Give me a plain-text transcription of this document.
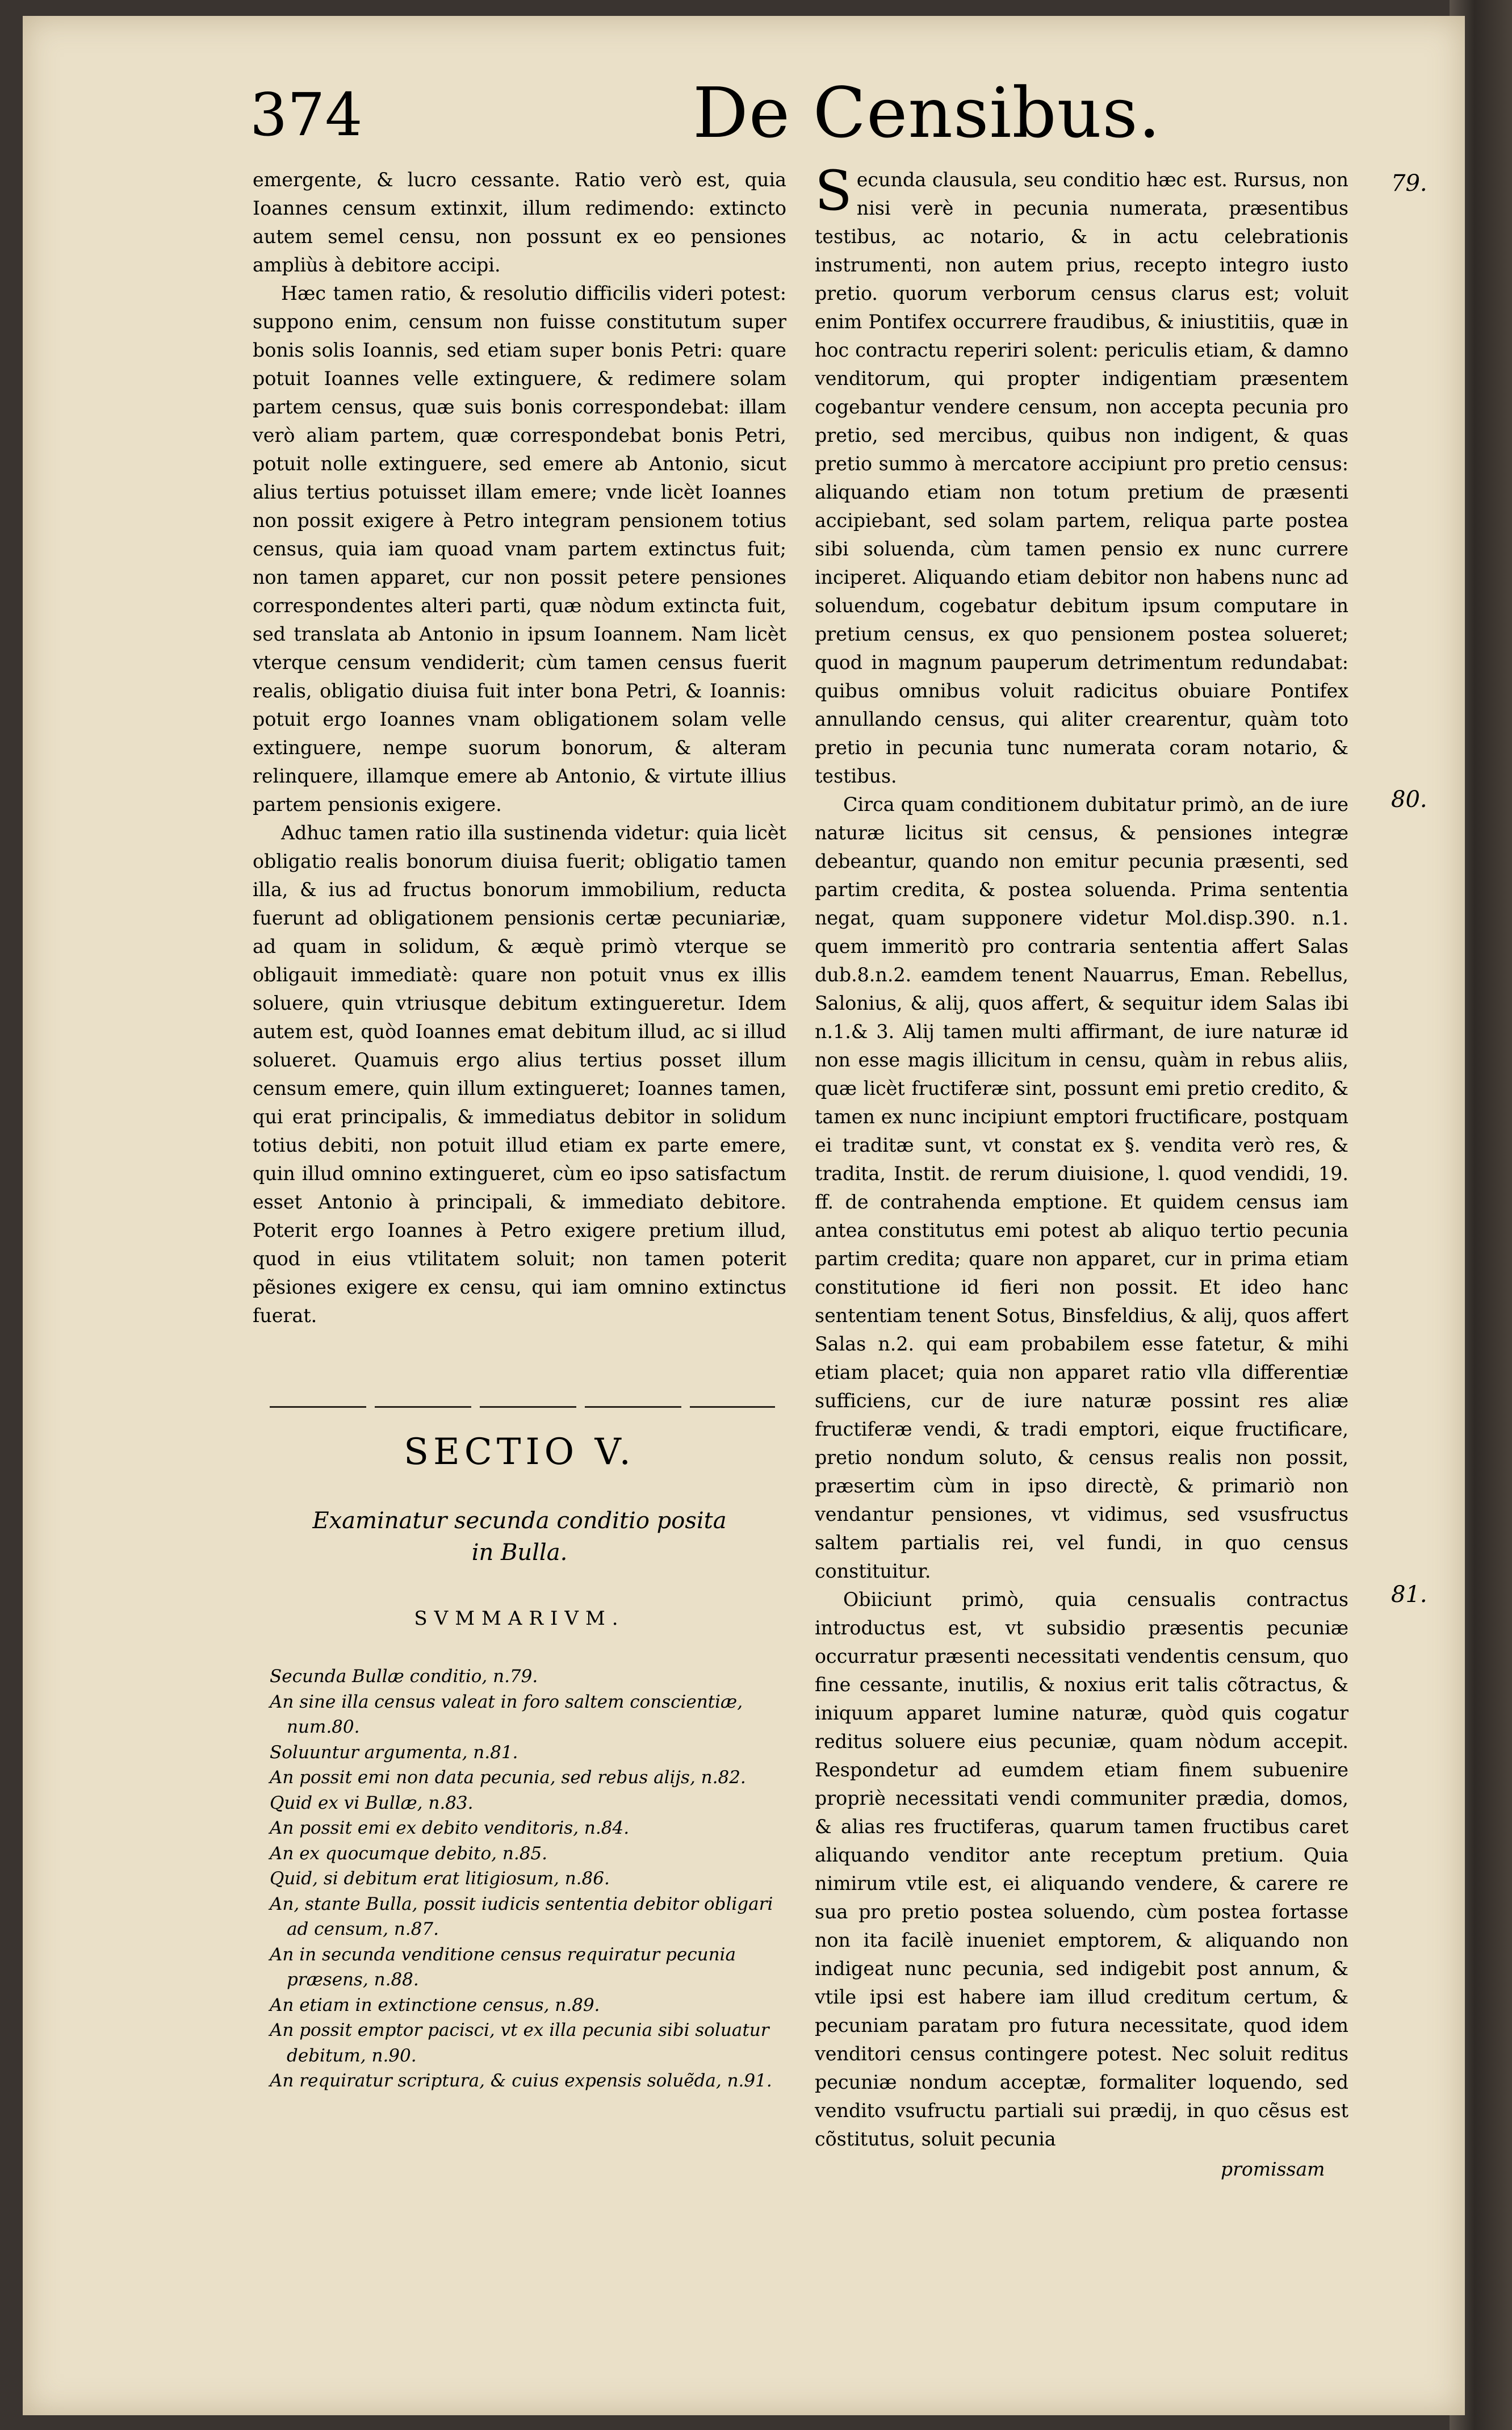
374	De Censibus.

emergente, & lucro cessante. Ratio verò est, quia Ioannes censum extinxit, illum redimendo: extincto autem semel censu, non possunt ex eo pensiones ampliùs à debitore accipi.

Hæc tamen ratio, & resolutio difficilis videri potest: suppono enim, censum non fuisse constitutum super bonis solis Ioannis, sed etiam super bonis Petri: quare potuit Ioannes velle extinguere, & redimere solam partem census, quæ suis bonis correspondebat: illam verò aliam partem, quæ correspondebat bonis Petri, potuit nolle extinguere, sed emere ab Antonio, sicut alius tertius potuisset illam emere; vnde licèt Ioannes non possit exigere à Petro integram pensionem totius census, quia iam quoad vnam partem extinctus fuit; non tamen apparet, cur non possit petere pensiones correspondentes alteri parti, quæ nòdum extincta fuit, sed translata ab Antonio in ipsum Ioannem. Nam licèt vterque censum vendiderit; cùm tamen census fuerit realis, obligatio diuisa fuit inter bona Petri, & Ioannis: potuit ergo Ioannes vnam obligationem solam velle extinguere, nempe suorum bonorum, & alteram relinquere, illamque emere ab Antonio, & virtute illius partem pensionis exigere.

Adhuc tamen ratio illa sustinenda videtur: quia licèt obligatio realis bonorum diuisa fuerit; obligatio tamen illa, & ius ad fructus bonorum immobilium, reducta fuerunt ad obligationem pensionis certæ pecuniariæ, ad quam in solidum, & æquè primò vterque se obligauit immediatè: quare non potuit vnus ex illis soluere, quin vtriusque debitum extingueretur. Idem autem est, quòd Ioannes emat debitum illud, ac si illud solueret. Quamuis ergo alius tertius posset illum censum emere, quin illum extingueret; Ioannes tamen, qui erat principalis, & immediatus debitor in solidum totius debiti, non potuit illud etiam ex parte emere, quin illud omnino extingueret, cùm eo ipso satisfactum esset Antonio à principali, & immediato debitore. Poterit ergo Ioannes à Petro exigere pretium illud, quod in eius vtilitatem soluit; non tamen poterit pẽsiones exigere ex censu, qui iam omnino extinctus fuerat.

SECTIO V.
Examinatur secunda conditio posita
in Bulla.
SVMMARIVM.
Secunda Bullæ conditio, n.79.
An sine illa census valeat in foro saltem conscientiæ, num.80.
Soluuntur argumenta, n.81.
An possit emi non data pecunia, sed rebus alijs, n.82.
Quid ex vi Bullæ, n.83.
An possit emi ex debito venditoris, n.84.
An ex quocumque debito, n.85.
Quid, si debitum erat litigiosum, n.86.
An, stante Bulla, possit iudicis sententia debitor obligari ad censum, n.87.
An in secunda venditione census requiratur pecunia præsens, n.88.
An etiam in extinctione census, n.89.
An possit emptor pacisci, vt ex illa pecunia sibi soluatur debitum, n.90.
An requiratur scriptura, & cuius expensis soluẽda, n.91.

Secunda clausula, seu conditio hæc est. Rursus, non nisi verè in pecunia numerata, præsentibus testibus, ac notario, & in actu celebrationis instrumenti, non autem prius, recepto integro iusto pretio. quorum verborum census clarus est; voluit enim Pontifex occurrere fraudibus, & iniustitiis, quæ in hoc contractu reperiri solent: periculis etiam, & damno venditorum, qui propter indigentiam præsentem cogebantur vendere censum, non accepta pecunia pro pretio, sed mercibus, quibus non indigent, & quas pretio summo à mercatore accipiunt pro pretio census: aliquando etiam non totum pretium de præsenti accipiebant, sed solam partem, reliqua parte postea sibi soluenda, cùm tamen pensio ex nunc currere inciperet. Aliquando etiam debitor non habens nunc ad soluendum, cogebatur debitum ipsum computare in pretium census, ex quo pensionem postea solueret; quod in magnum pauperum detrimentum redundabat: quibus omnibus voluit radicitus obuiare Pontifex annullando census, qui aliter crearentur, quàm toto pretio in pecunia tunc numerata coram notario, & testibus.

Circa quam conditionem dubitatur primò, an de iure naturæ licitus sit census, & pensiones integræ debeantur, quando non emitur pecunia præsenti, sed partim credita, & postea soluenda. Prima sententia negat, quam supponere videtur Mol.disp.390. n.1. quem immeritò pro contraria sententia affert Salas dub.8.n.2. eamdem tenent Nauarrus, Eman. Rebellus, Salonius, & alij, quos affert, & sequitur idem Salas ibi n.1.& 3. Alij tamen multi affirmant, de iure naturæ id non esse magis illicitum in censu, quàm in rebus aliis, quæ licèt fructiferæ sint, possunt emi pretio credito, & tamen ex nunc incipiunt emptori fructificare, postquam ei traditæ sunt, vt constat ex §. vendita verò res, & tradita, Instit. de rerum diuisione, l. quod vendidi, 19. ff. de contrahenda emptione. Et quidem census iam antea constitutus emi potest ab aliquo tertio pecunia partim credita; quare non apparet, cur in prima etiam constitutione id fieri non possit. Et ideo hanc sententiam tenent Sotus, Binsfeldius, & alij, quos affert Salas n.2. qui eam probabilem esse fatetur, & mihi etiam placet; quia non apparet ratio vlla differentiæ sufficiens, cur de iure naturæ possint res aliæ fructiferæ vendi, & tradi emptori, eique fructificare, pretio nondum soluto, & census realis non possit, præsertim cùm in ipso directè, & primariò non vendantur pensiones, vt vidimus, sed vsusfructus saltem partialis rei, vel fundi, in quo census constituitur.

Obiiciunt primò, quia censualis contractus introductus est, vt subsidio præsentis pecuniæ occurratur præsenti necessitati vendentis censum, quo fine cessante, inutilis, & noxius erit talis cõtractus, & iniquum apparet lumine naturæ, quòd quis cogatur reditus soluere eius pecuniæ, quam nòdum accepit. Respondetur ad eumdem etiam finem subuenire propriè necessitati vendi communiter prædia, domos, & alias res fructiferas, quarum tamen fructibus caret aliquando venditor ante receptum pretium. Quia nimirum vtile est, ei aliquando vendere, & carere re sua pro pretio postea soluendo, cùm postea fortasse non ita facilè inueniet emptorem, & aliquando non indigeat nunc pecunia, sed indigebit post annum, & vtile ipsi est habere iam illud creditum certum, & pecuniam paratam pro futura necessitate, quod idem venditori census contingere potest. Nec soluit reditus pecuniæ nondum acceptæ, formaliter loquendo, sed vendito vsufructu partiali sui prædij, in quo cẽsus est cõstitutus, soluit pecunia

promissam
79.
80.
81.
